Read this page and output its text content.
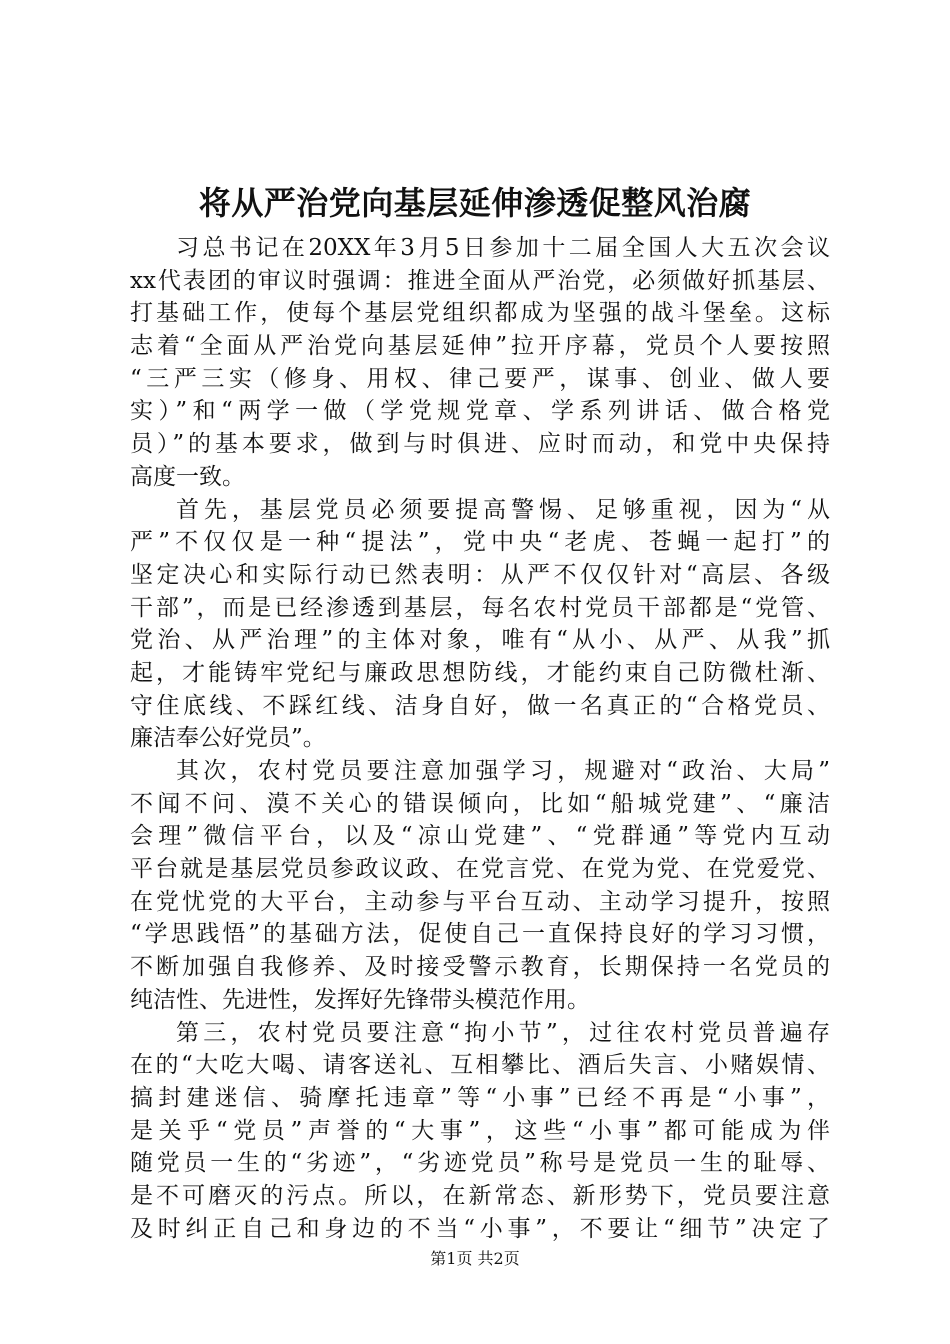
将从严治党向基层延伸渗透促整风治腐
习总书记在20XX年3月5日参加十二届全国人大五次会议
xx代表团的审议时强调：推进全面从严治党，必须做好抓基层、
打基础工作，使每个基层党组织都成为坚强的战斗堡垒。这标
志着“全面从严治党向基层延伸”拉开序幕，党员个人要按照
“三严三实（修身、用权、律己要严，谋事、创业、做人要
实）”和“两学一做（学党规党章、学系列讲话、做合格党
员）”的基本要求，做到与时俱进、应时而动，和党中央保持
高度一致。
首先，基层党员必须要提高警惕、足够重视，因为“从
严”不仅仅是一种“提法”，党中央“老虎、苍蝇一起打”的
坚定决心和实际行动已然表明：从严不仅仅针对“高层、各级
干部”，而是已经渗透到基层，每名农村党员干部都是“党管、
党治、从严治理”的主体对象，唯有“从小、从严、从我”抓
起，才能铸牢党纪与廉政思想防线，才能约束自己防微杜渐、
守住底线、不踩红线、洁身自好，做一名真正的“合格党员、
廉洁奉公好党员”。
其次，农村党员要注意加强学习，规避对“政治、大局”
不闻不问、漠不关心的错误倾向，比如“船城党建”、“廉洁
会理”微信平台，以及“凉山党建”、“党群通”等党内互动
平台就是基层党员参政议政、在党言党、在党为党、在党爱党、
在党忧党的大平台，主动参与平台互动、主动学习提升，按照
“学思践悟”的基础方法，促使自己一直保持良好的学习习惯，
不断加强自我修养、及时接受警示教育，长期保持一名党员的
纯洁性、先进性，发挥好先锋带头模范作用。
第三，农村党员要注意“拘小节”，过往农村党员普遍存
在的“大吃大喝、请客送礼、互相攀比、酒后失言、小赌娱情、
搞封建迷信、骑摩托违章”等“小事”已经不再是“小事”，
是关乎“党员”声誉的“大事”，这些“小事”都可能成为伴
随党员一生的“劣迹”，“劣迹党员”称号是党员一生的耻辱、
是不可磨灭的污点。所以，在新常态、新形势下，党员要注意
及时纠正自己和身边的不当“小事”，不要让“细节”决定了
第1页 共2页
